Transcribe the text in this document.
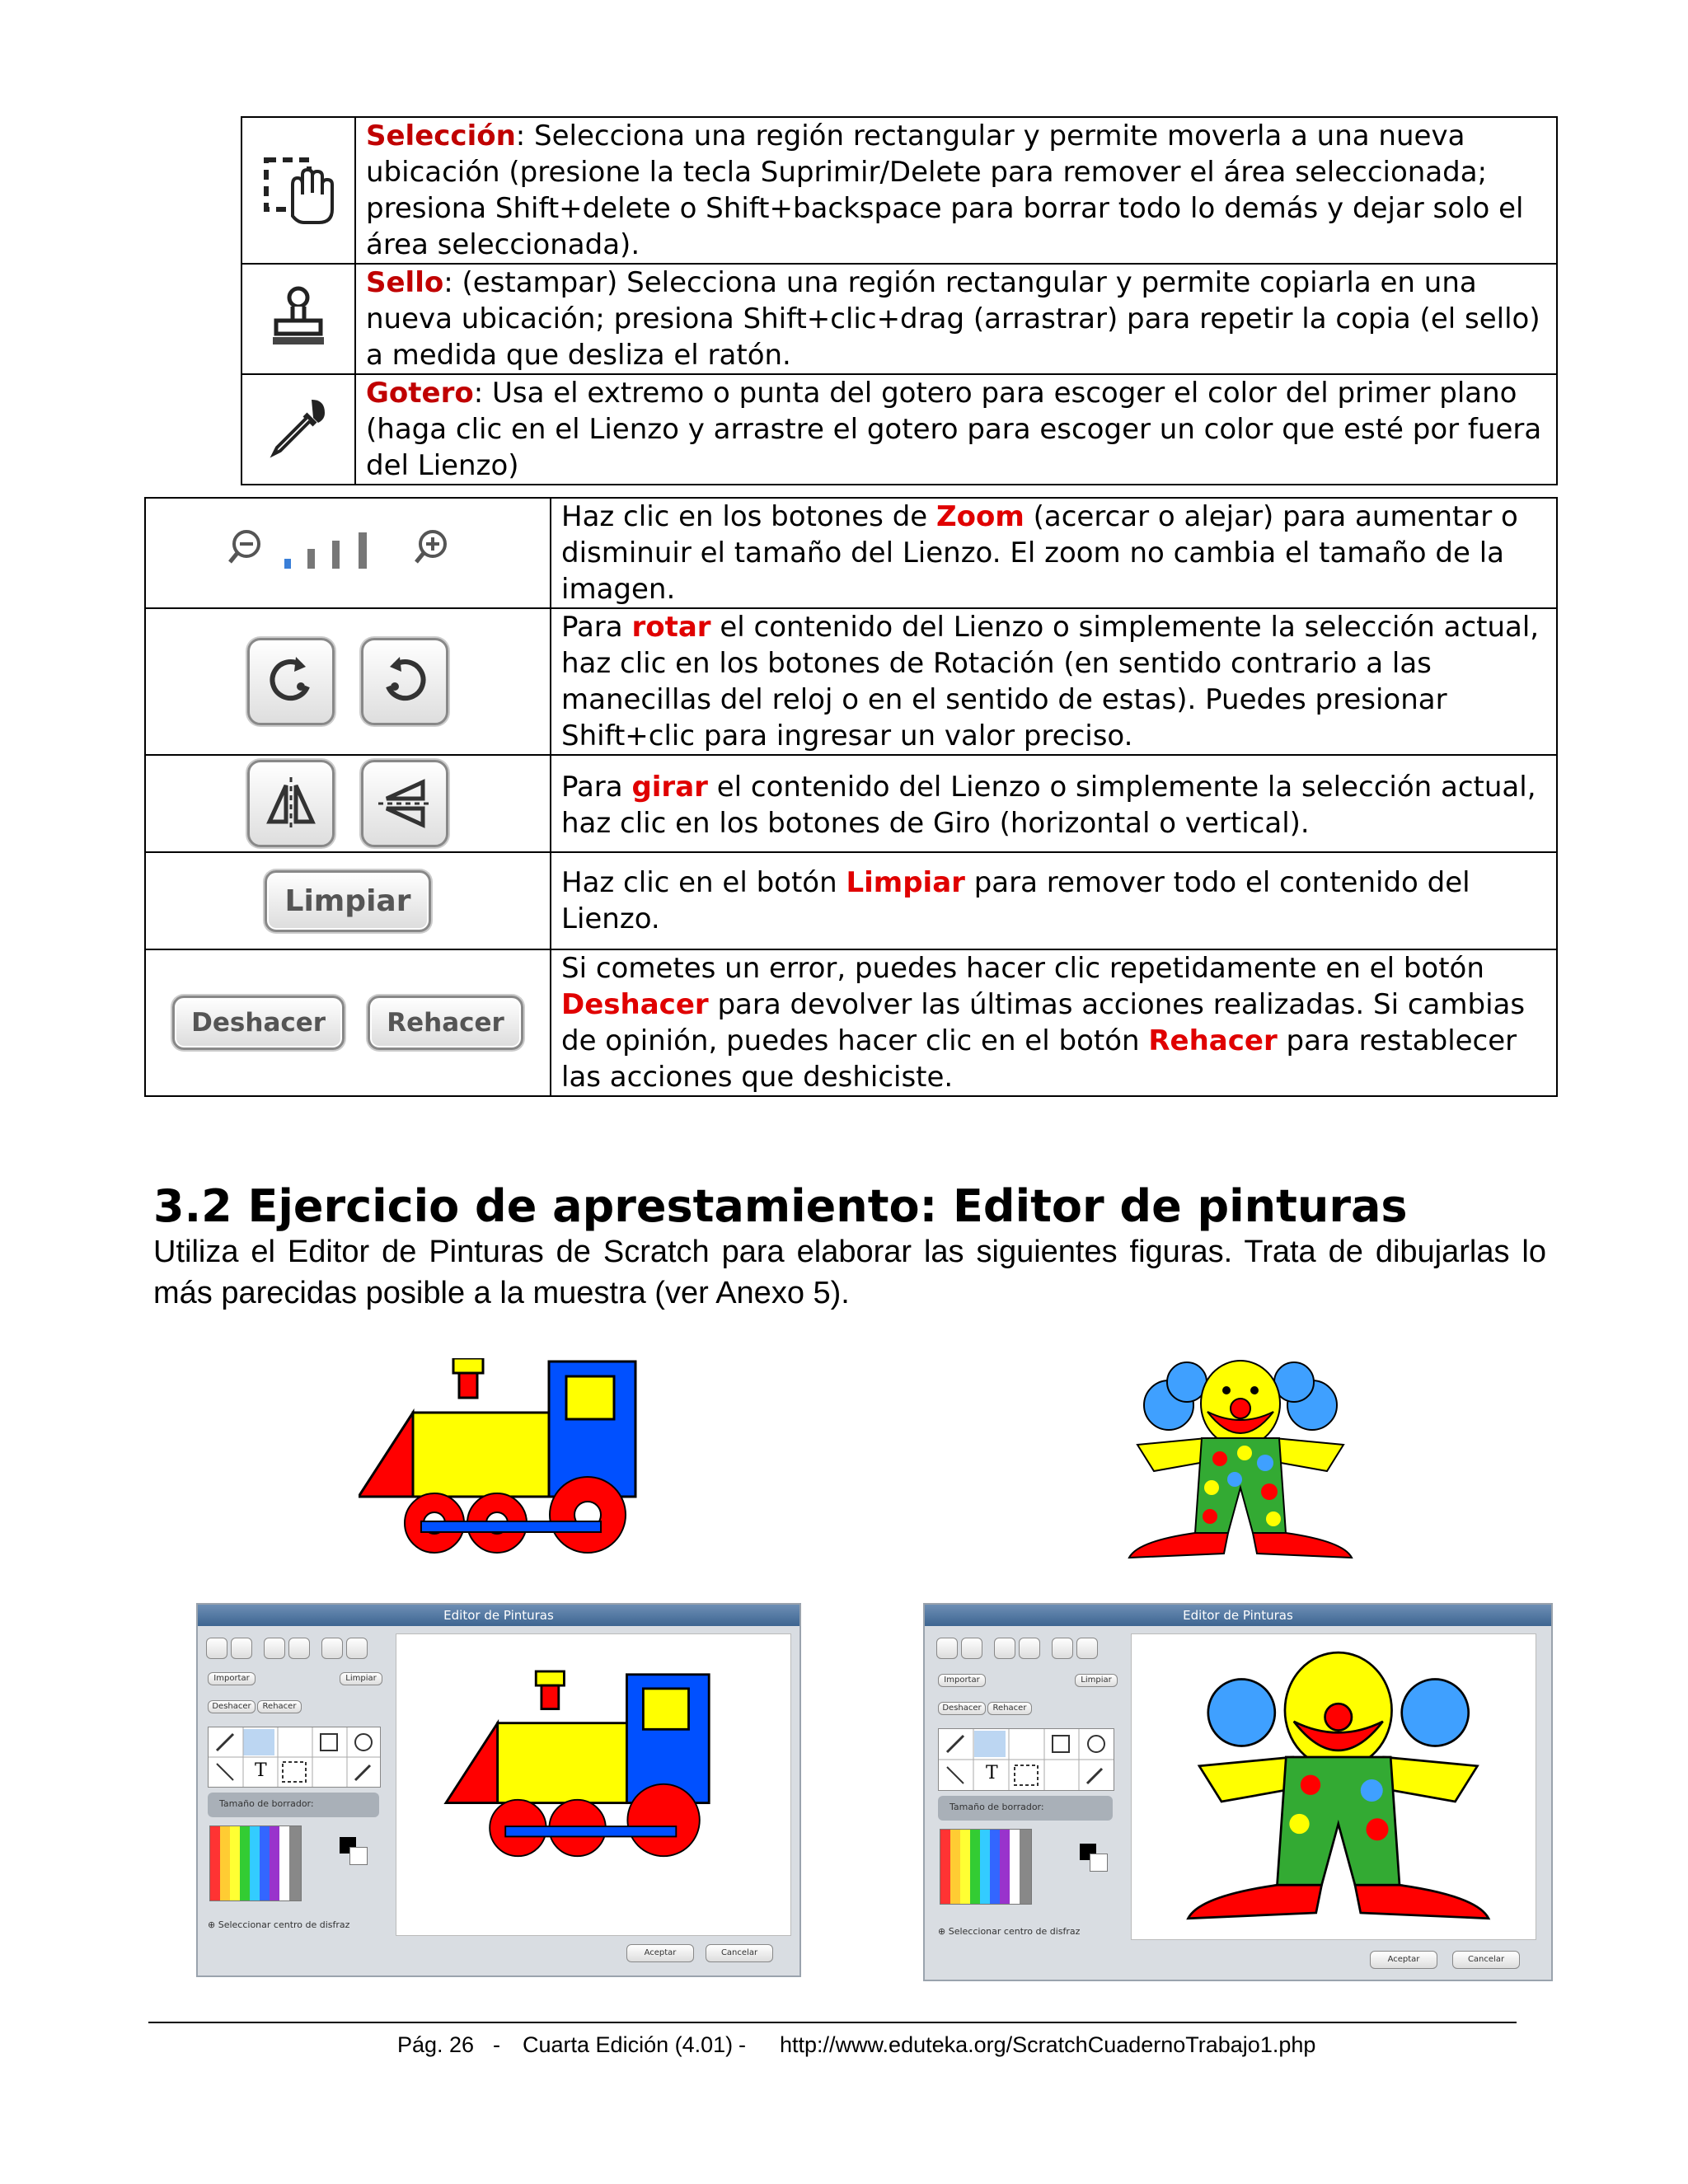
Selección: Selecciona una región rectangular y permite moverla a una nueva ubicación (presione la tecla Suprimir/Delete para remover el área seleccionada; presiona Shift+delete o Shift+backspace para borrar todo lo demás y dejar solo el área seleccionada).

Sello: (estampar) Selecciona una región rectangular y permite copiarla en una nueva ubicación; presiona Shift+clic+drag (arrastrar) para repetir la copia (el sello) a medida que desliza el ratón.

Gotero: Usa el extremo o punta del gotero para escoger el color del primer plano (haga clic en el Lienzo y arrastre el gotero para escoger un color que esté por fuera del Lienzo)

Haz clic en los botones de Zoom (acercar o alejar) para aumentar o disminuir el tamaño del Lienzo. El zoom no cambia el tamaño de la imagen.

Para rotar el contenido del Lienzo o simplemente la selección actual, haz clic en los botones de Rotación (en sentido contrario a las manecillas del reloj o en el sentido de estas). Puedes presionar Shift+clic para ingresar un valor preciso.

Para girar el contenido del Lienzo o simplemente la selección actual, haz clic en los botones de Giro (horizontal o vertical).

Limpiar	Haz clic en el botón Limpiar para remover todo el contenido del Lienzo.

Deshacer Rehacer	Si cometes un error, puedes hacer clic repetidamente en el botón Deshacer para devolver las últimas acciones realizadas. Si cambias de opinión, puedes hacer clic en el botón Rehacer para restablecer las acciones que deshiciste.
3.2 Ejercicio de aprestamiento: Editor de pinturas
Utiliza el Editor de Pinturas de Scratch para elaborar las siguientes figuras. Trata de dibujarlas lo más parecidas posible a la muestra (ver Anexo 5).
Editor de Pinturas
Importar	Limpiar
Deshacer	Rehacer
T
Tamaño de borrador:
⊕ Seleccionar centro de disfraz
Aceptar	Cancelar
Editor de Pinturas
Importar	Limpiar
Deshacer	Rehacer
T
Tamaño de borrador:
⊕ Seleccionar centro de disfraz
Aceptar	Cancelar
Pág. 26 - Cuarta Edición (4.01) - http://www.eduteka.org/ScratchCuadernoTrabajo1.php
